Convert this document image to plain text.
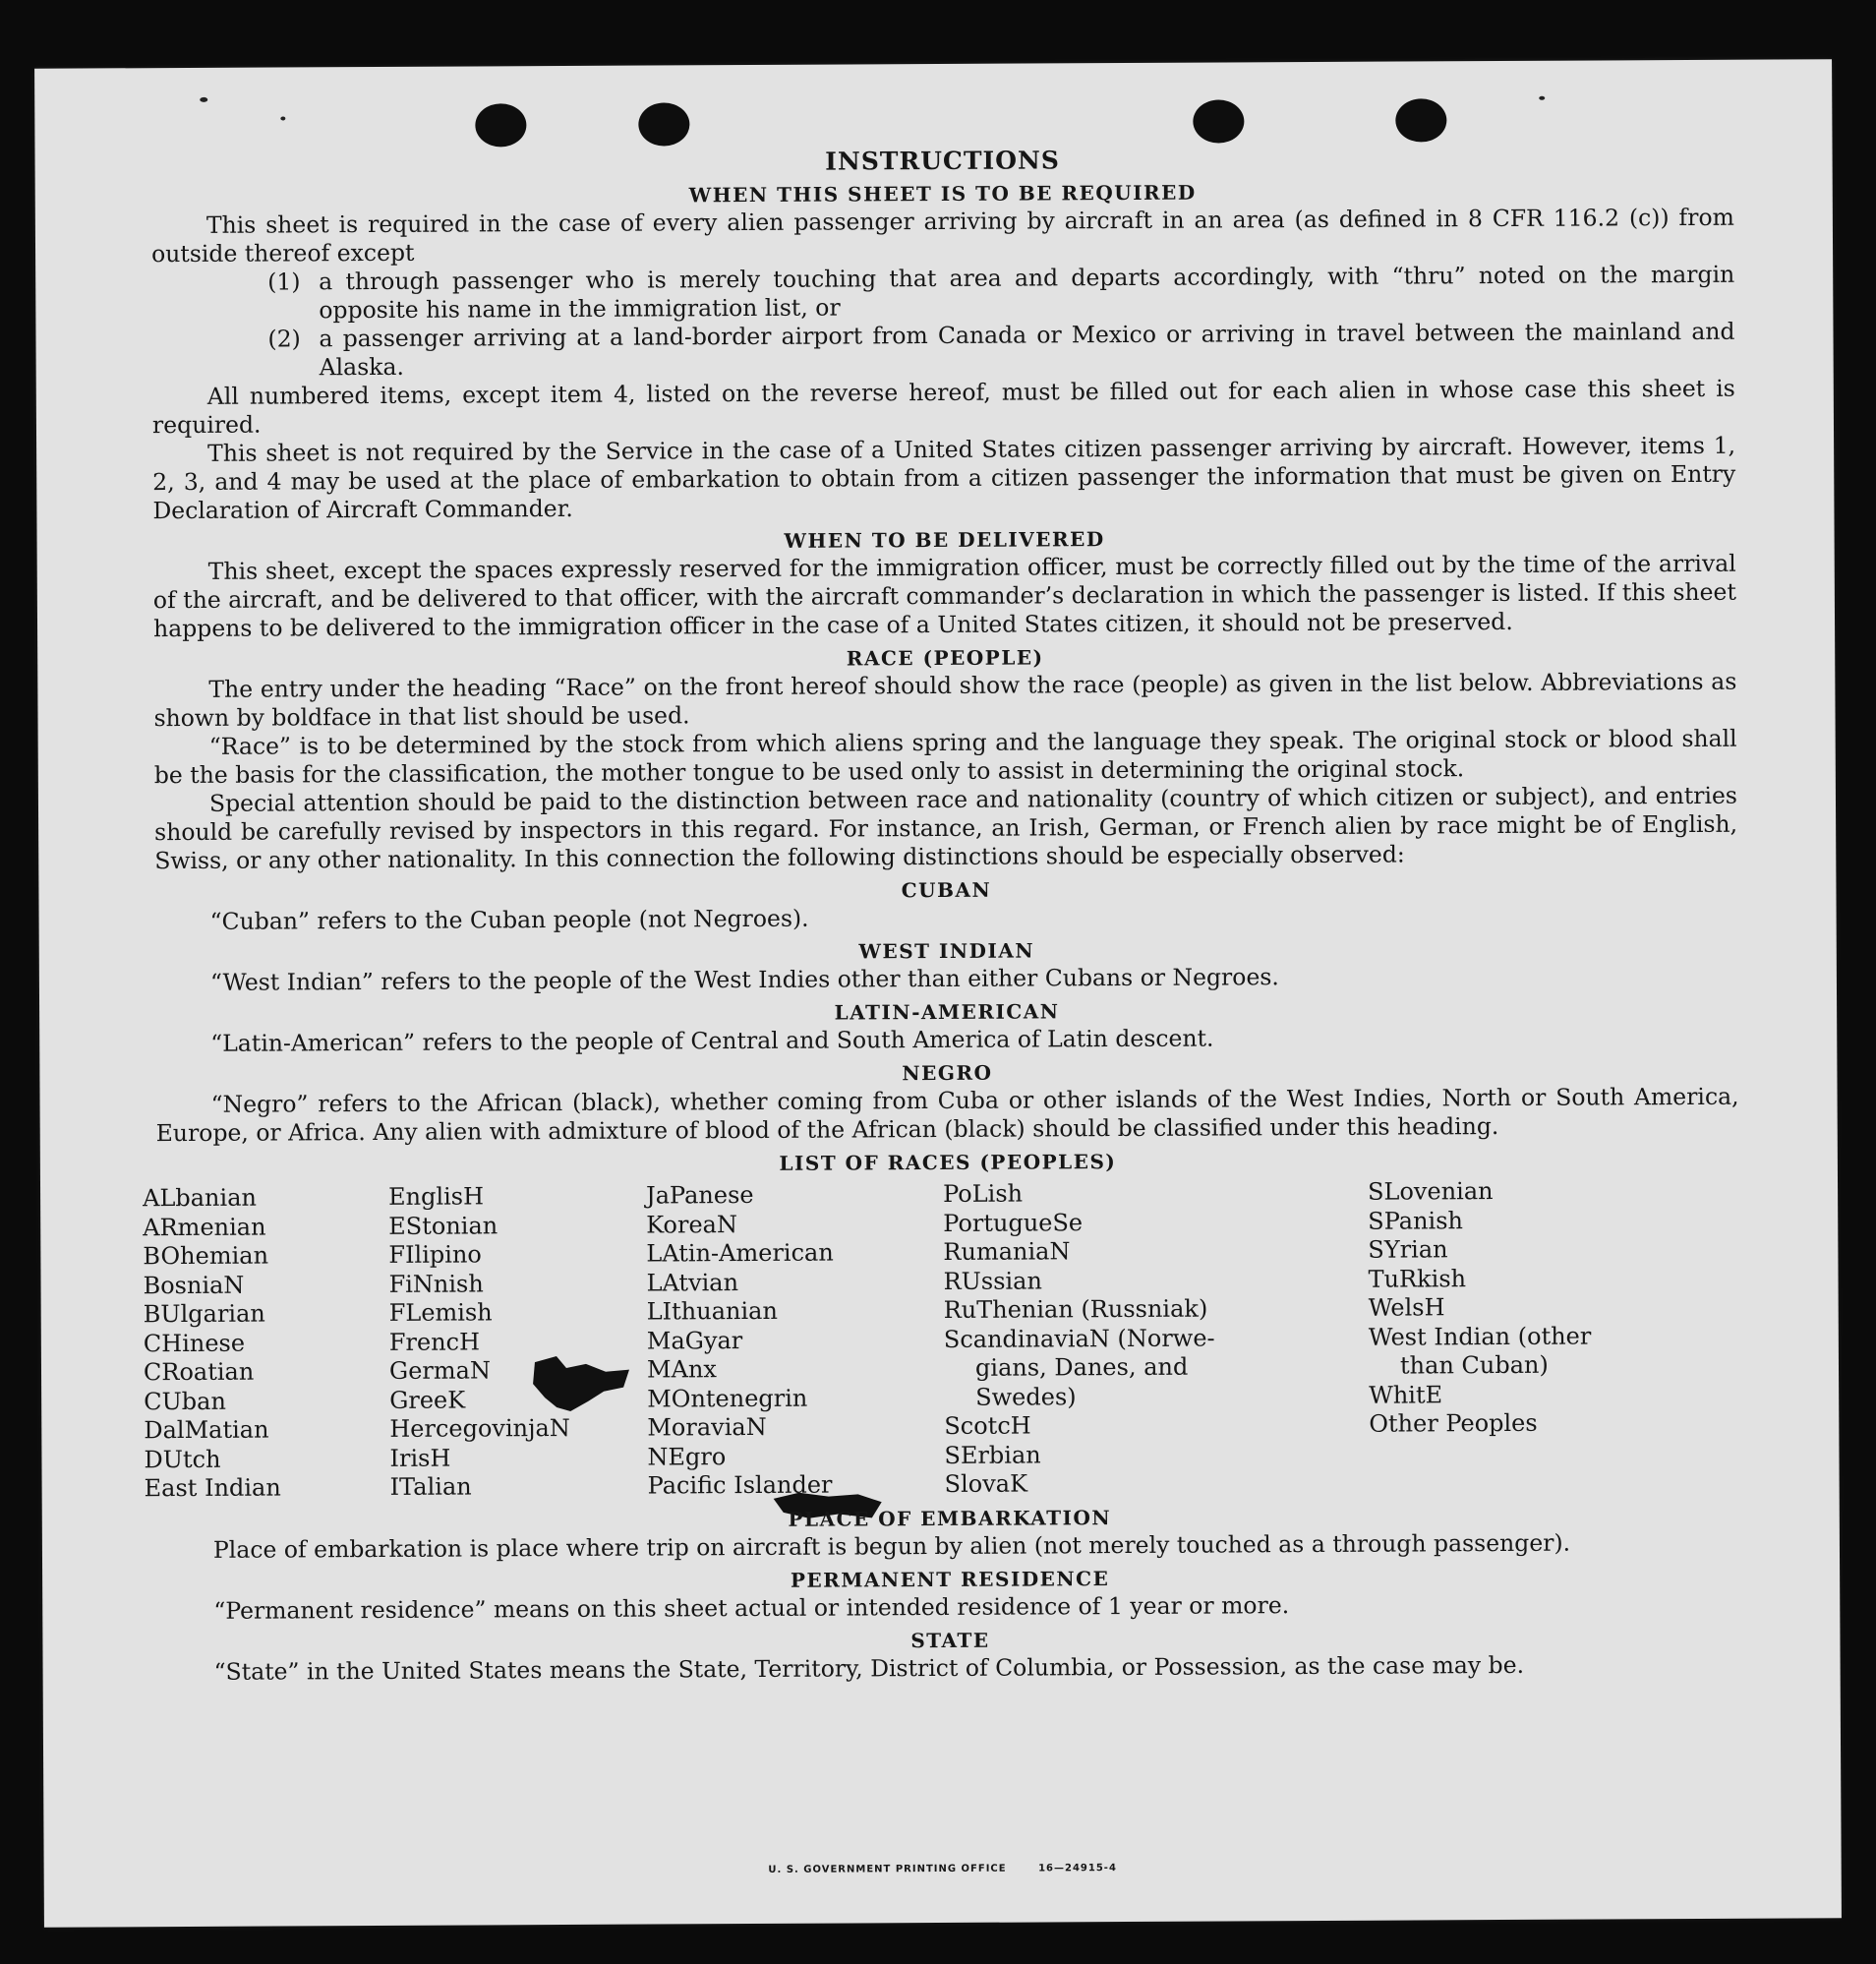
INSTRUCTIONS
WHEN THIS SHEET IS TO BE REQUIRED

This sheet is required in the case of every alien passenger arriving by aircraft in an area (as defined in 8 CFR 116.2 (c)) from outside thereof except

(1) a through passenger who is merely touching that area and departs accordingly, with “thru” noted on the margin opposite his name in the immigration list, or
(2) a passenger arriving at a land-border airport from Canada or Mexico or arriving in travel between the mainland and Alaska.

All numbered items, except item 4, listed on the reverse hereof, must be filled out for each alien in whose case this sheet is required.

This sheet is not required by the Service in the case of a United States citizen passenger arriving by aircraft. However, items 1, 2, 3, and 4 may be used at the place of embarkation to obtain from a citizen passenger the information that must be given on Entry Declaration of Aircraft Commander.

WHEN TO BE DELIVERED

This sheet, except the spaces expressly reserved for the immigration officer, must be correctly filled out by the time of the arrival of the aircraft, and be delivered to that officer, with the aircraft commander’s declaration in which the passenger is listed. If this sheet happens to be delivered to the immigration officer in the case of a United States citizen, it should not be preserved.

RACE (PEOPLE)

The entry under the heading “Race” on the front hereof should show the race (people) as given in the list below. Abbreviations as shown by boldface in that list should be used.

“Race” is to be determined by the stock from which aliens spring and the language they speak. The original stock or blood shall be the basis for the classification, the mother tongue to be used only to assist in determining the original stock.

Special attention should be paid to the distinction between race and nationality (country of which citizen or subject), and entries should be carefully revised by inspectors in this regard. For instance, an Irish, German, or French alien by race might be of English, Swiss, or any other nationality. In this connection the following distinctions should be especially observed:

CUBAN

“Cuban” refers to the Cuban people (not Negroes).

WEST INDIAN

“West Indian” refers to the people of the West Indies other than either Cubans or Negroes.

LATIN-AMERICAN

“Latin-American” refers to the people of Central and South America of Latin descent.

NEGRO

“Negro” refers to the African (black), whether coming from Cuba or other islands of the West Indies, North or South America, Europe, or Africa. Any alien with admixture of blood of the African (black) should be classified under this heading.

LIST OF RACES (PEOPLES)
ALbanian
ARmenian
BOhemian
BosniaN
BUlgarian
CHinese
CRoatian
CUban
DalMatian
DUtch
East Indian
EnglisH
EStonian
FIlipino
FiNnish
FLemish
FrencH
GermaN
GreeK
HercegovinjaN
IrisH
ITalian
JaPanese
KoreaN
LAtin-American
LAtvian
LIthuanian
MaGyar
MAnx
MOntenegrin
MoraviaN
NEgro
Pacific Islander
PoLish
PortugueSe
RumaniaN
RUssian
RuThenian (Russniak)
ScandinaviaN (Norwe-
gians, Danes, and
Swedes)
ScotcH
SErbian
SlovaK
SLovenian
SPanish
SYrian
TuRkish
WelsH
West Indian (other
than Cuban)
WhitE
Other Peoples
PLACE OF EMBARKATION

Place of embarkation is place where trip on aircraft is begun by alien (not merely touched as a through passenger).

PERMANENT RESIDENCE

“Permanent residence” means on this sheet actual or intended residence of 1 year or more.

STATE

“State” in the United States means the State, Territory, District of Columbia, or Possession, as the case may be.

U. S. GOVERNMENT PRINTING OFFICE	16—24915-4
